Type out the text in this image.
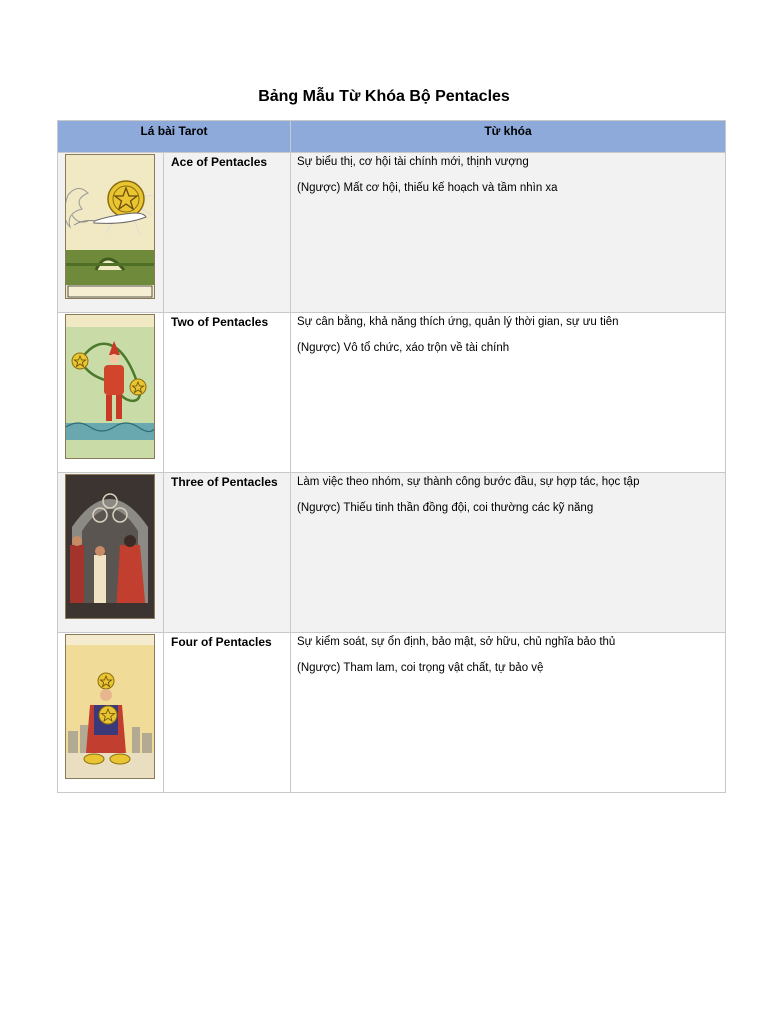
Bảng Mẫu Từ Khóa Bộ Pentacles
Lá bài Tarot		Từ khóa

	Ace of Pentacles	Sự biểu thị, cơ hội tài chính mới, thịnh vượng

(Ngược) Mất cơ hội, thiếu kế hoạch và tầm nhìn xa

	Two of Pentacles	Sự cân bằng, khả năng thích ứng, quản lý thời gian, sự ưu tiên

(Ngược) Vô tổ chức, xáo trộn về tài chính

	Three of Pentacles	Làm việc theo nhóm, sự thành công bước đầu, sự hợp tác, học tập

(Ngược) Thiếu tinh thần đồng đội, coi thường các kỹ năng

	Four of Pentacles	Sự kiểm soát, sự ổn định, bảo mật, sở hữu, chủ nghĩa bảo thủ

(Ngược) Tham lam, coi trọng vật chất, tự bảo vệ
